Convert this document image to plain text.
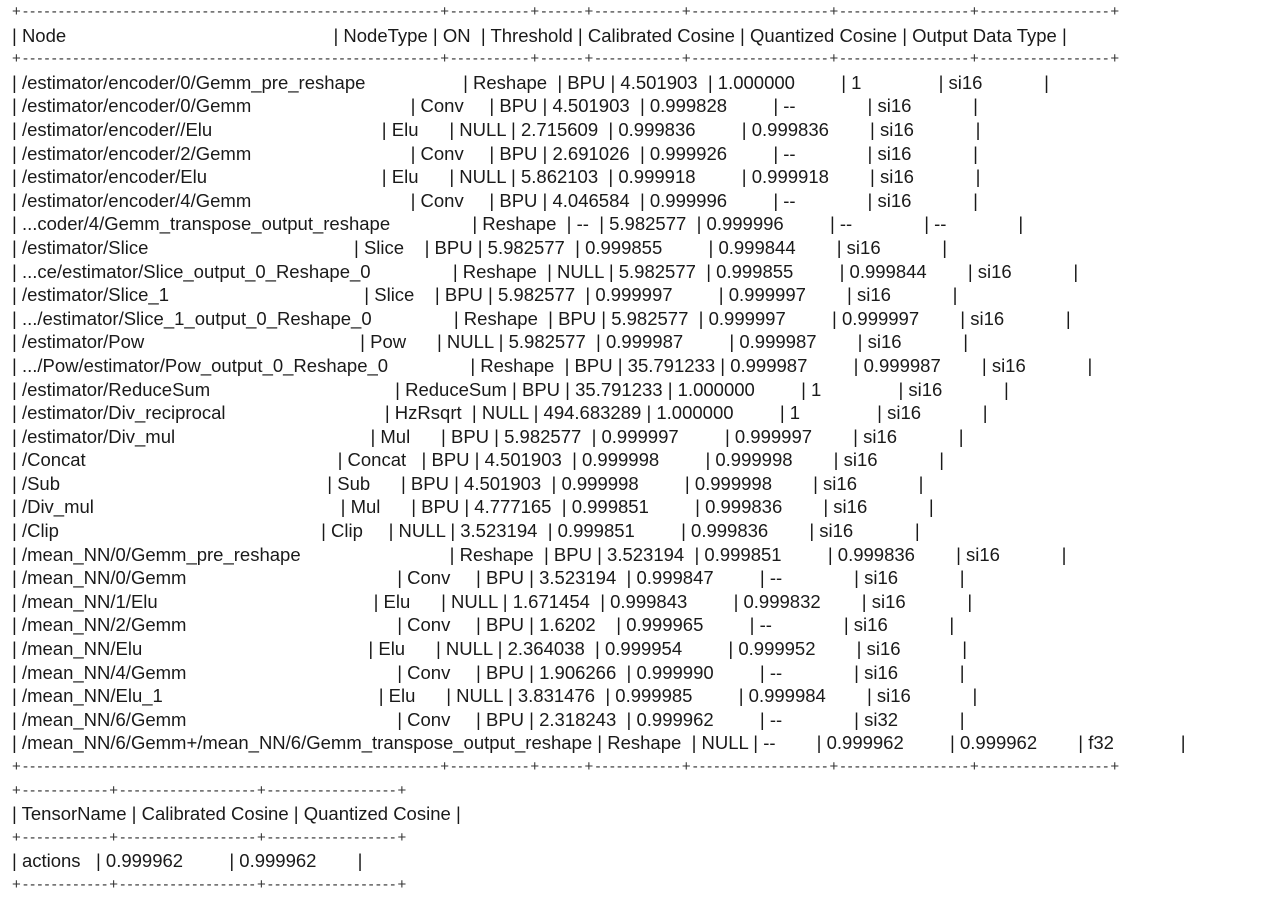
+----------------------------------------------------------+-----------+------+------------+-------------------+------------------+------------------+
| Node                                                    | NodeType | ON  | Threshold | Calibrated Cosine | Quantized Cosine | Output Data Type |
+----------------------------------------------------------+-----------+------+------------+-------------------+------------------+------------------+
| /estimator/encoder/0/Gemm_pre_reshape                   | Reshape  | BPU | 4.501903  | 1.000000         | 1               | si16            |
| /estimator/encoder/0/Gemm                               | Conv     | BPU | 4.501903  | 0.999828         | --              | si16            |
| /estimator/encoder//Elu                                 | Elu      | NULL | 2.715609  | 0.999836         | 0.999836        | si16            |
| /estimator/encoder/2/Gemm                               | Conv     | BPU | 2.691026  | 0.999926         | --              | si16            |
| /estimator/encoder/Elu                                  | Elu      | NULL | 5.862103  | 0.999918         | 0.999918        | si16            |
| /estimator/encoder/4/Gemm                               | Conv     | BPU | 4.046584  | 0.999996         | --              | si16            |
| ...coder/4/Gemm_transpose_output_reshape                | Reshape  | --  | 5.982577  | 0.999996         | --              | --              |
| /estimator/Slice                                        | Slice    | BPU | 5.982577  | 0.999855         | 0.999844        | si16            |
| ...ce/estimator/Slice_output_0_Reshape_0                | Reshape  | NULL | 5.982577  | 0.999855         | 0.999844        | si16            |
| /estimator/Slice_1                                      | Slice    | BPU | 5.982577  | 0.999997         | 0.999997        | si16            |
| .../estimator/Slice_1_output_0_Reshape_0                | Reshape  | BPU | 5.982577  | 0.999997         | 0.999997        | si16            |
| /estimator/Pow                                          | Pow      | NULL | 5.982577  | 0.999987         | 0.999987        | si16            |
| .../Pow/estimator/Pow_output_0_Reshape_0                | Reshape  | BPU | 35.791233 | 0.999987         | 0.999987        | si16            |
| /estimator/ReduceSum                                    | ReduceSum | BPU | 35.791233 | 1.000000         | 1               | si16            |
| /estimator/Div_reciprocal                               | HzRsqrt  | NULL | 494.683289 | 1.000000         | 1               | si16            |
| /estimator/Div_mul                                      | Mul      | BPU | 5.982577  | 0.999997         | 0.999997        | si16            |
| /Concat                                                 | Concat   | BPU | 4.501903  | 0.999998         | 0.999998        | si16            |
| /Sub                                                    | Sub      | BPU | 4.501903  | 0.999998         | 0.999998        | si16            |
| /Div_mul                                                | Mul      | BPU | 4.777165  | 0.999851         | 0.999836        | si16            |
| /Clip                                                   | Clip     | NULL | 3.523194  | 0.999851         | 0.999836        | si16            |
| /mean_NN/0/Gemm_pre_reshape                             | Reshape  | BPU | 3.523194  | 0.999851         | 0.999836        | si16            |
| /mean_NN/0/Gemm                                         | Conv     | BPU | 3.523194  | 0.999847         | --              | si16            |
| /mean_NN/1/Elu                                          | Elu      | NULL | 1.671454  | 0.999843         | 0.999832        | si16            |
| /mean_NN/2/Gemm                                         | Conv     | BPU | 1.6202    | 0.999965         | --              | si16            |
| /mean_NN/Elu                                            | Elu      | NULL | 2.364038  | 0.999954         | 0.999952        | si16            |
| /mean_NN/4/Gemm                                         | Conv     | BPU | 1.906266  | 0.999990         | --              | si16            |
| /mean_NN/Elu_1                                          | Elu      | NULL | 3.831476  | 0.999985         | 0.999984        | si16            |
| /mean_NN/6/Gemm                                         | Conv     | BPU | 2.318243  | 0.999962         | --              | si32            |
| /mean_NN/6/Gemm+/mean_NN/6/Gemm_transpose_output_reshape | Reshape  | NULL | --        | 0.999962         | 0.999962        | f32             |
+----------------------------------------------------------+-----------+------+------------+-------------------+------------------+------------------+
+------------+-------------------+------------------+
| TensorName | Calibrated Cosine | Quantized Cosine |
+------------+-------------------+------------------+
| actions   | 0.999962         | 0.999962        |
+------------+-------------------+------------------+
